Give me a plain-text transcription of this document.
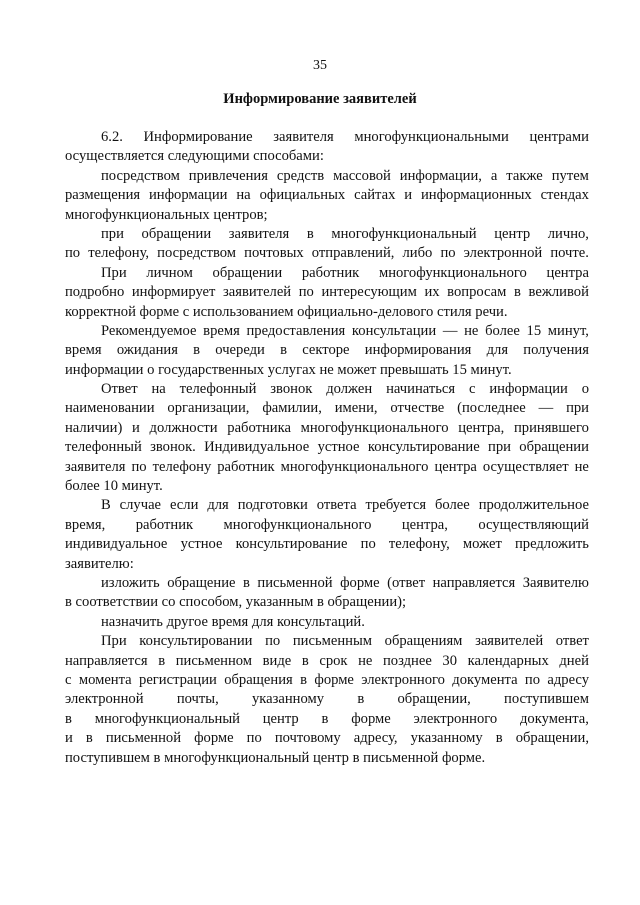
35
Информирование заявителей
6.2. Информирование заявителя многофункциональными центрами
осуществляется следующими способами:
посредством привлечения средств массовой информации, а также путем
размещения информации на официальных сайтах и информационных стендах
многофункциональных центров;
при обращении заявителя в многофункциональный центр лично,
по телефону, посредством почтовых отправлений, либо по электронной почте.
При личном обращении работник многофункционального центра
подробно информирует заявителей по интересующим их вопросам в вежливой
корректной форме с использованием официально-делового стиля речи.
Рекомендуемое время предоставления консультации — не более 15 минут,
время ожидания в очереди в секторе информирования для получения
информации о государственных услугах не может превышать 15 минут.
Ответ на телефонный звонок должен начинаться с информации о
наименовании организации, фамилии, имени, отчестве (последнее — при
наличии) и должности работника многофункционального центра, принявшего
телефонный звонок. Индивидуальное устное консультирование при обращении
заявителя по телефону работник многофункционального центра осуществляет не
более 10 минут.
В случае если для подготовки ответа требуется более продолжительное
время, работник многофункционального центра, осуществляющий
индивидуальное устное консультирование по телефону, может предложить
заявителю:
изложить обращение в письменной форме (ответ направляется Заявителю
в соответствии со способом, указанным в обращении);
назначить другое время для консультаций.
При консультировании по письменным обращениям заявителей ответ
направляется в письменном виде в срок не позднее 30 календарных дней
с момента регистрации обращения в форме электронного документа по адресу
электронной почты, указанному в обращении, поступившем
в многофункциональный центр в форме электронного документа,
и в письменной форме по почтовому адресу, указанному в обращении,
поступившем в многофункциональный центр в письменной форме.
